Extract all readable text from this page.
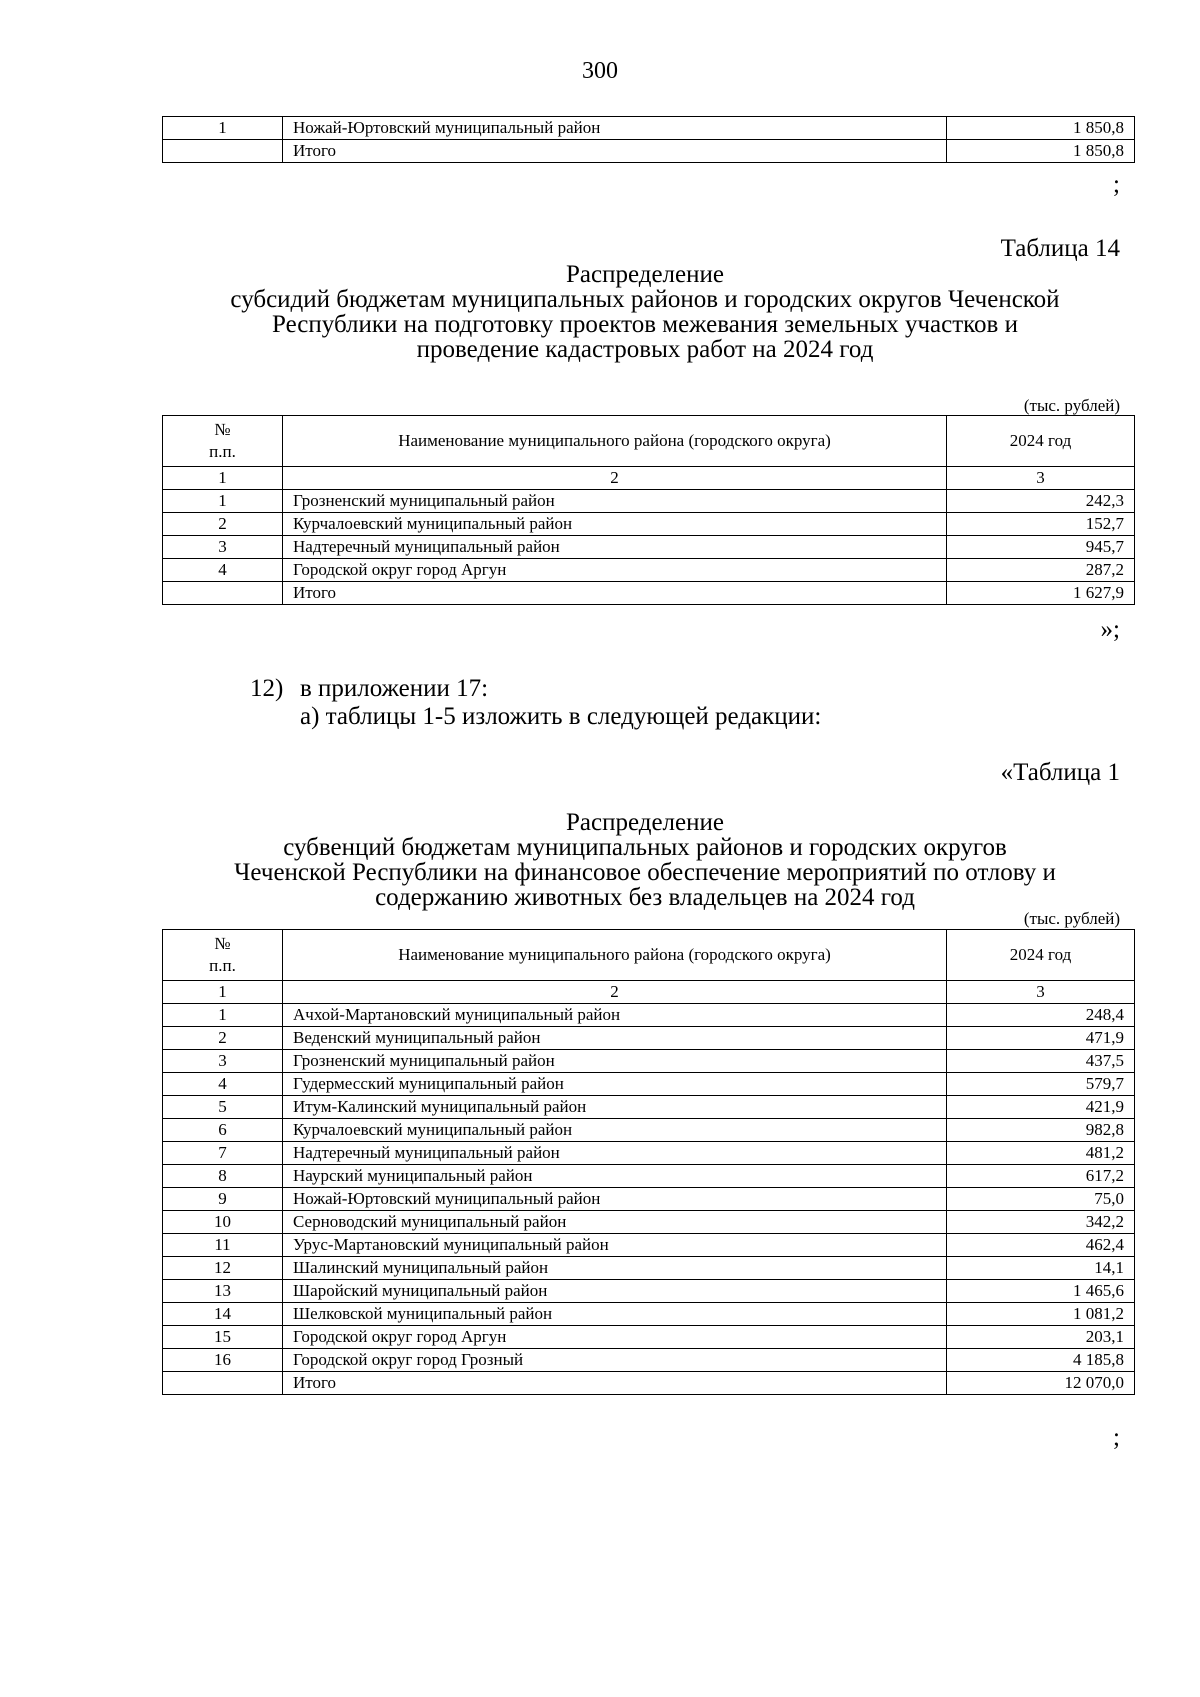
300
1	Ножай-Юртовский муниципальный район	1 850,8
	Итого	1 850,8
;
Таблица 14
Распределение
субсидий бюджетам муниципальных районов и городских округов Чеченской
Республики на подготовку проектов межевания земельных участков и
проведение кадастровых работ на 2024 год
(тыс. рублей)
№
п.п.	Наименование муниципального района (городского округа)	2024 год
1	2	3
1	Грозненский муниципальный район	242,3
2	Курчалоевский муниципальный район	152,7
3	Надтеречный муниципальный район	945,7
4	Городской округ город Аргун	287,2
	Итого	1 627,9
»;
12) в приложении 17:
а) таблицы 1-5 изложить в следующей редакции:
«Таблица 1
Распределение
субвенций бюджетам муниципальных районов и городских округов
Чеченской Республики на финансовое обеспечение мероприятий по отлову и
содержанию животных без владельцев на 2024 год
(тыс. рублей)
№
п.п.	Наименование муниципального района (городского округа)	2024 год
1	2	3
1	Ачхой-Мартановский муниципальный район	248,4
2	Веденский муниципальный район	471,9
3	Грозненский муниципальный район	437,5
4	Гудермесский муниципальный район	579,7
5	Итум-Калинский муниципальный район	421,9
6	Курчалоевский муниципальный район	982,8
7	Надтеречный муниципальный район	481,2
8	Наурский муниципальный район	617,2
9	Ножай-Юртовский муниципальный район	75,0
10	Серноводский муниципальный район	342,2
11	Урус-Мартановский муниципальный район	462,4
12	Шалинский муниципальный район	14,1
13	Шаройский муниципальный район	1 465,6
14	Шелковской муниципальный район	1 081,2
15	Городской округ город Аргун	203,1
16	Городской округ город Грозный	4 185,8
	Итого	12 070,0
;
